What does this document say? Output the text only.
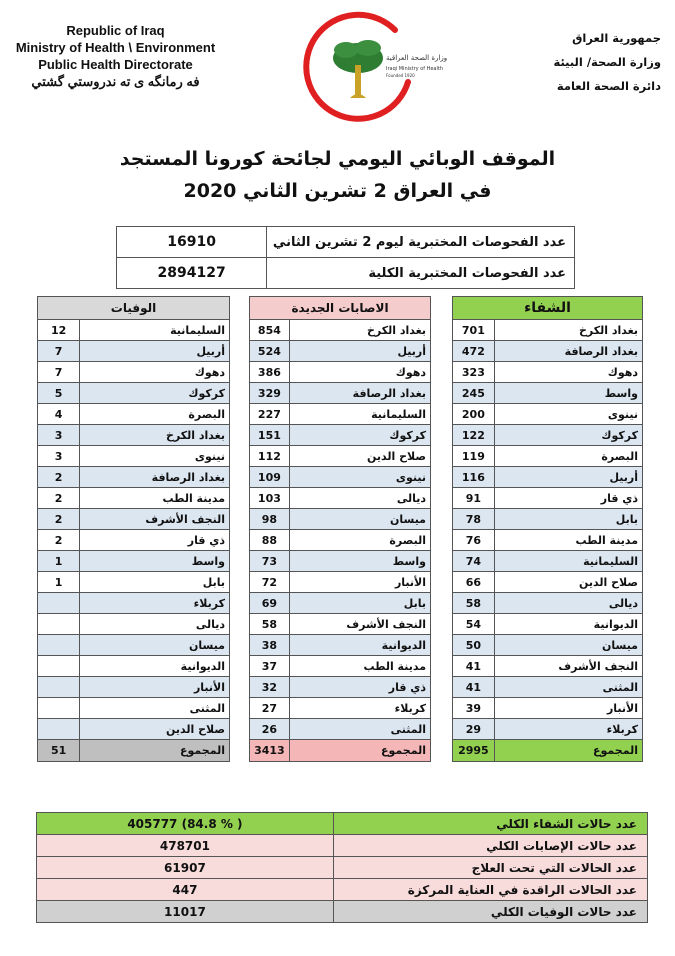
Republic of Iraq
Ministry of Health \ Environment
Public Health Directorate
فه رمانگه ى ته ندروستي گشتي
جمهورية العراق
وزارة الصحة/ البيئة
دائرة الصحة العامة
وزارة الصحة العراقية
Iraqi Ministry of Health
Founded 1920
الموقف الوبائي اليومي لجائحة كورونا المستجد
في العراق 2 تشرين الثاني 2020
16910	عدد الفحوصات المختبرية ليوم 2 تشرين الثاني
2894127	عدد الفحوصات المختبرية الكلية
الوفيات	
12	السليمانية
7	أربيل
7	دهوك
5	كركوك
4	البصرة
3	بغداد الكرخ
3	نينوى
2	بغداد الرصافة
2	مدينة الطب
2	النجف الأشرف
2	ذي قار
1	واسط
1	بابل
	كربلاء
	ديالى
	ميسان
	الديوانية
	الأنبار
	المثنى
	صلاح الدين
51	المجموع
الاصابات الجديدة	
854	بغداد الكرخ
524	أربيل
386	دهوك
329	بغداد الرصافة
227	السليمانية
151	كركوك
112	صلاح الدين
109	نينوى
103	ديالى
98	ميسان
88	البصرة
73	واسط
72	الأنبار
69	بابل
58	النجف الأشرف
38	الديوانية
37	مدينة الطب
32	ذي قار
27	كربلاء
26	المثنى
3413	المجموع
الشفاء	
701	بغداد الكرخ
472	بغداد الرصافة
323	دهوك
245	واسط
200	نينوى
122	كركوك
119	البصرة
116	أربيل
91	ذي قار
78	بابل
76	مدينة الطب
74	السليمانية
66	صلاح الدين
58	ديالى
54	الديوانية
50	ميسان
41	النجف الأشرف
41	المثنى
39	الأنبار
29	كربلاء
2995	المجموع
405777 (84.8 % )	عدد حالات الشفاء الكلي
478701	عدد حالات الإصابات الكلي
61907	عدد الحالات التي تحت العلاج
447	عدد الحالات الراقدة في العناية المركزة
11017	عدد حالات الوفيات الكلي
